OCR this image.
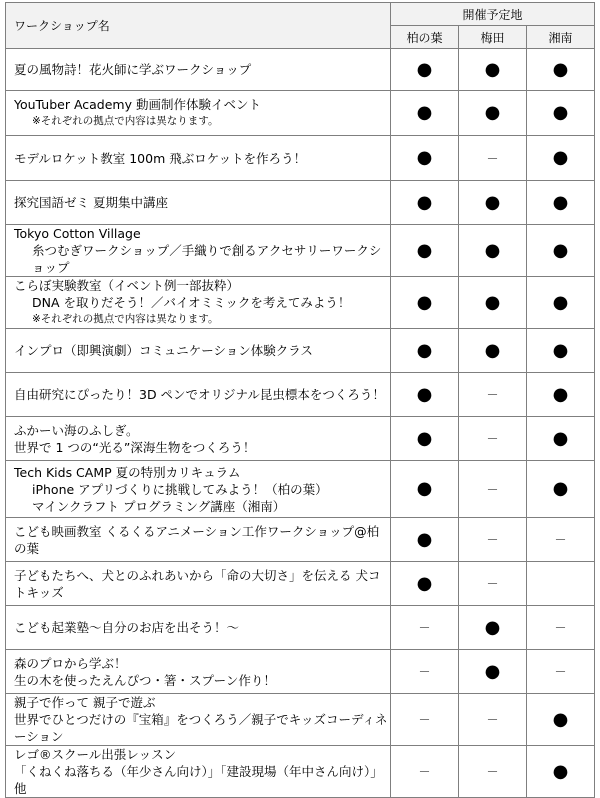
ワークショップ名	開催予定地		
	柏の葉	梅田	湘南

夏の風物詩！花火師に学ぶワークショップ	●	●	●

YouTuber Academy 動画制作体験イベント
※それぞれの拠点で内容は異なります。	●	●	●

モデルロケット教室 100m 飛ぶロケットを作ろう！	●	－	●

探究国語ゼミ 夏期集中講座	●	●	●

Tokyo Cotton Village
糸つむぎワークショップ／手織りで創るアクセサリーワークショップ	●	●	●

こらぼ実験教室（イベント例一部抜粋）
DNA を取りだそう！／バイオミミックを考えてみよう！
※それぞれの拠点で内容は異なります。	●	●	●

インプロ（即興演劇）コミュニケーション体験クラス	●	●	●

自由研究にぴったり！3D ペンでオリジナル昆虫標本をつくろう！	●	－	●

ふかーい海のふしぎ。
世界で 1 つの“光る”深海生物をつくろう！	●	－	●

Tech Kids CAMP 夏の特別カリキュラム
iPhone アプリづくりに挑戦してみよう！（柏の葉）
マインクラフト プログラミング講座（湘南）	●	－	●

こども映画教室 くるくるアニメーション工作ワークショップ@柏の葉	●	－	－

子どもたちへ、犬とのふれあいから「命の大切さ」を伝える 犬コトキッズ	●	－	

こども起業塾～自分のお店を出そう！～	－	●	－

森のプロから学ぶ！
生の木を使ったえんぴつ・箸・スプーン作り！	－	●	－

親子で作って 親子で遊ぶ
世界でひとつだけの『宝箱』をつくろう／親子でキッズコーディネーション	－	－	●

レゴ®スクール出張レッスン
「くねくね落ちる（年少さん向け）」「建設現場（年中さん向け）」他	－	－	●
